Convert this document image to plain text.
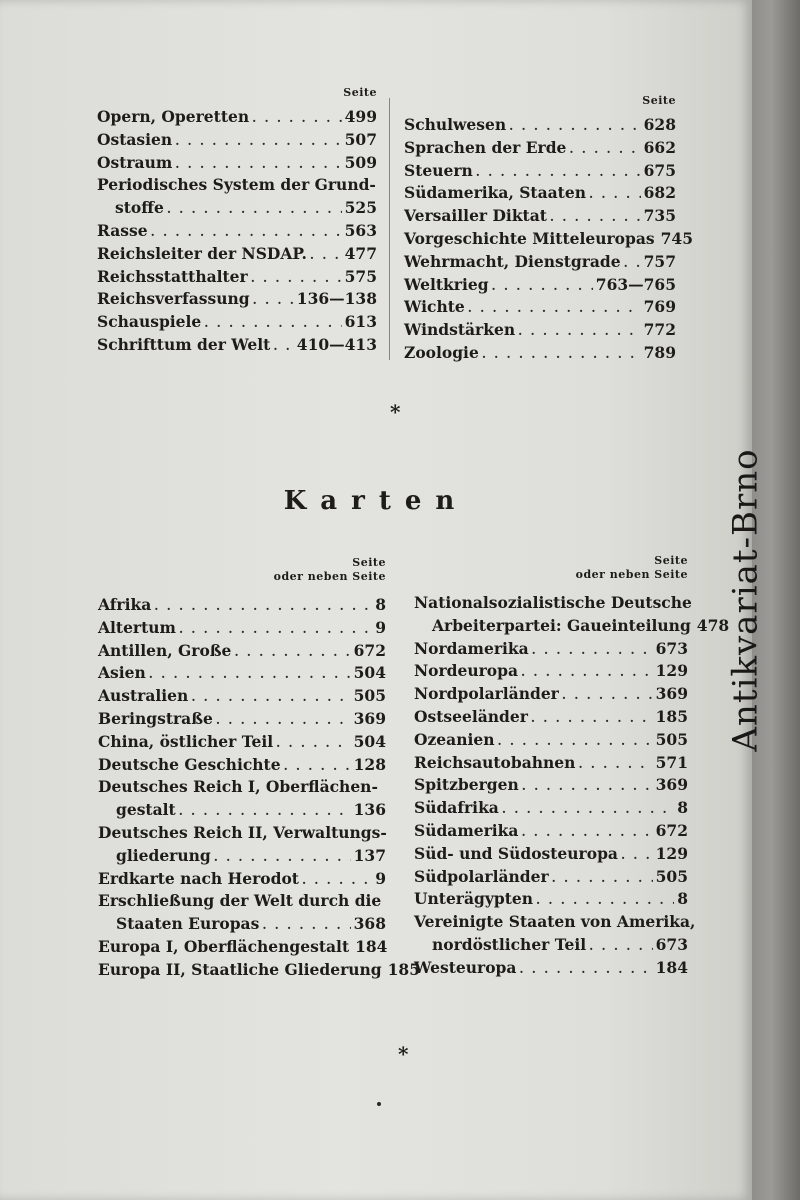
Seite
Opern, Operetten . . .	499
Ostasien . . .	507
Ostraum . . .	509
Periodisches System der Grund-
stoffe . . .	525
Rasse . . .	563
Reichsleiter der NSDAP. . . . 477
Reichsstatthalter . . .	575
Reichsverfassung . . .	136—138
Schauspiele . . .	613
Schrifttum der Welt . . . 410—413
Seite
Schulwesen . . .	628
Sprachen der Erde . . .	662
Steuern . . .	675
Südamerika, Staaten . . .	682
Versailler Diktat . . .	735
Vorgeschichte Mitteleuropas 745
Wehrmacht, Dienstgrade . . . 757
Weltkrieg . . .	763—765
Wichte . . .	769
Windstärken . . .	772
Zoologie . . .	789
*
Karten
Seite
oder neben Seite
Afrika . . .	8
Altertum . . .	9
Antillen, Große . . .	672
Asien . . .	504
Australien . . .	505
Beringstraße . . .	369
China, östlicher Teil . . .	504
Deutsche Geschichte . . .	128
Deutsches Reich I, Oberflächen-
gestalt . . .	136
Deutsches Reich II, Verwaltungs-
gliederung . . .	137
Erdkarte nach Herodot . . .	9
Erschließung der Welt durch die
Staaten Europas . . .	368
Europa I, Oberflächengestalt 184
Europa II, Staatliche Gliederung 185
Seite
oder neben Seite
Nationalsozialistische Deutsche
Arbeiterpartei: Gaueinteilung 478
Nordamerika . . .	673
Nordeuropa . . .	129
Nordpolarländer . . .	369
Ostseeländer . . .	185
Ozeanien . . .	505
Reichsautobahnen . . .	571
Spitzbergen . . .	369
Südafrika . . .	8
Südamerika . . .	672
Süd- und Südosteuropa . . . 129
Südpolarländer . . .	505
Unterägypten . . .	8
Vereinigte Staaten von Amerika,
nordöstlicher Teil . . .	673
Westeuropa . . .	184
*
Antikvariat-Brno
